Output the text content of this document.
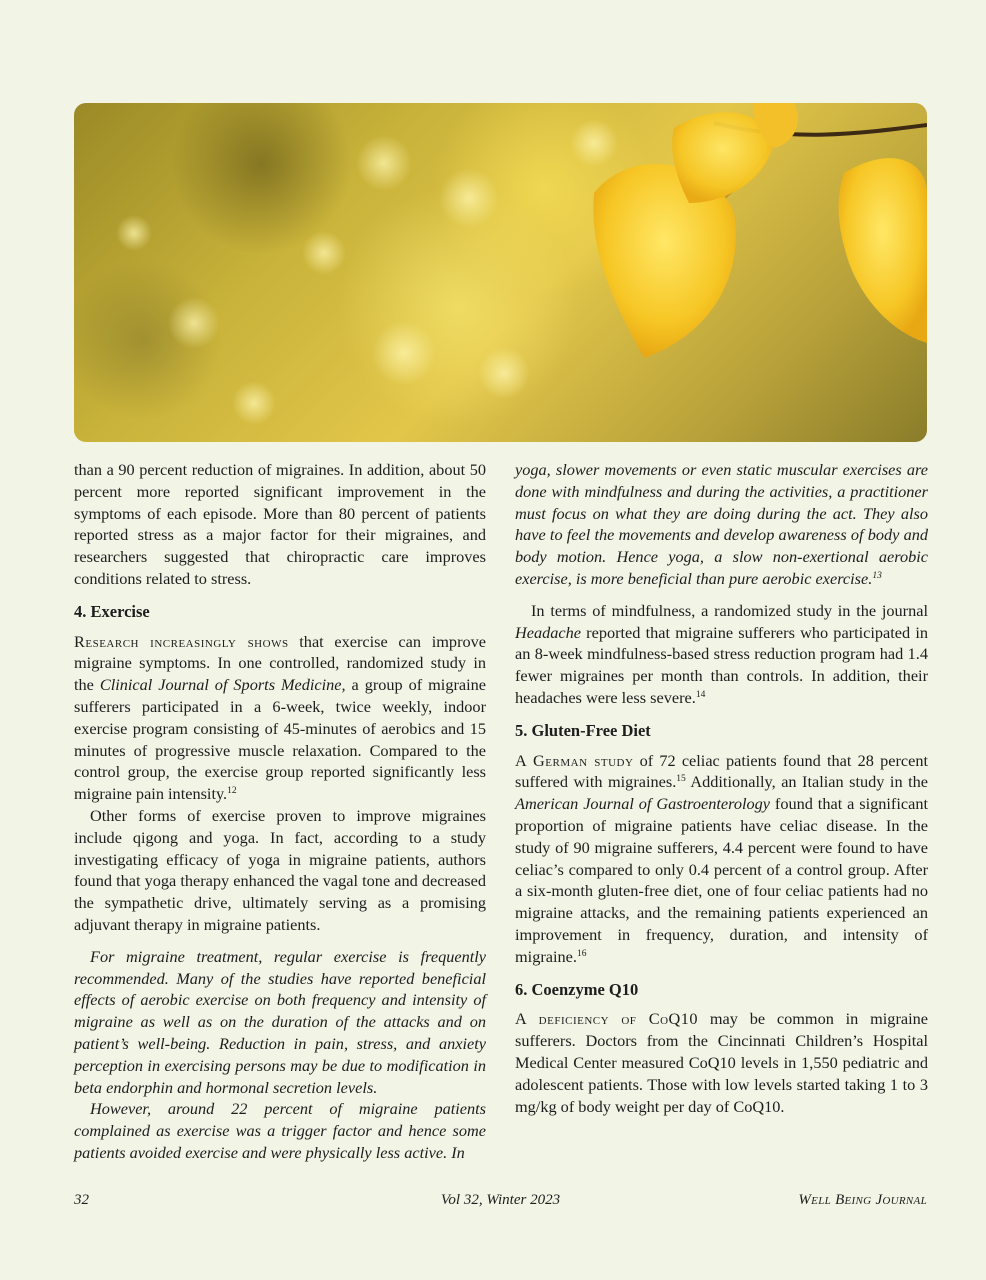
than a 90 percent reduction of migraines. In addition, about 50 percent more reported significant improvement in the symptoms of each episode. More than 80 percent of patients reported stress as a major factor for their migraines, and researchers suggested that chiropractic care improves conditions related to stress.

4. Exercise

Research increasingly shows that exercise can improve migraine symptoms. In one controlled, randomized study in the Clinical Journal of Sports Medicine, a group of migraine sufferers participated in a 6-week, twice weekly, indoor exercise program consisting of 45-minutes of aerobics and 15 minutes of progressive muscle relaxation. Compared to the control group, the exercise group reported significantly less migraine pain intensity.$^{12}$

Other forms of exercise proven to improve migraines include qigong and yoga. In fact, according to a study investigating efficacy of yoga in migraine patients, authors found that yoga therapy enhanced the vagal tone and decreased the sympathetic drive, ultimately serving as a promising adjuvant therapy in migraine patients.

For migraine treatment, regular exercise is frequently recommended. Many of the studies have reported beneficial effects of aerobic exercise on both frequency and intensity of migraine as well as on the duration of the attacks and on patient’s well-being. Reduction in pain, stress, and anxiety perception in exercising persons may be due to modification in beta endorphin and hormonal secretion levels.

However, around 22 percent of migraine patients complained as exercise was a trigger factor and hence some patients avoided exercise and were physically less active. In

yoga, slower movements or even static muscular exercises are done with mindfulness and during the activities, a practitioner must focus on what they are doing during the act. They also have to feel the movements and develop awareness of body and body motion. Hence yoga, a slow non-exertional aerobic exercise, is more beneficial than pure aerobic exercise.$^{13}$

In terms of mindfulness, a randomized study in the journal Headache reported that migraine sufferers who participated in an 8-week mindfulness-based stress reduction program had 1.4 fewer migraines per month than controls. In addition, their headaches were less severe.$^{14}$

5. Gluten-Free Diet

A German study of 72 celiac patients found that 28 percent suffered with migraines.$^{15}$ Additionally, an Italian study in the American Journal of Gastroenterology found that a significant proportion of migraine patients have celiac disease. In the study of 90 migraine sufferers, 4.4 percent were found to have celiac’s compared to only 0.4 percent of a control group. After a six-month gluten-free diet, one of four celiac patients had no migraine attacks, and the remaining patients experienced an improvement in frequency, duration, and intensity of migraine.$^{16}$

6. Coenzyme Q10

A deficiency of CoQ10 may be common in migraine sufferers. Doctors from the Cincinnati Children’s Hospital Medical Center measured CoQ10 levels in 1,550 pediatric and adolescent patients. Those with low levels started taking 1 to 3 mg/kg of body weight per day of CoQ10.

32	Vol 32, Winter 2023	Well Being Journal
